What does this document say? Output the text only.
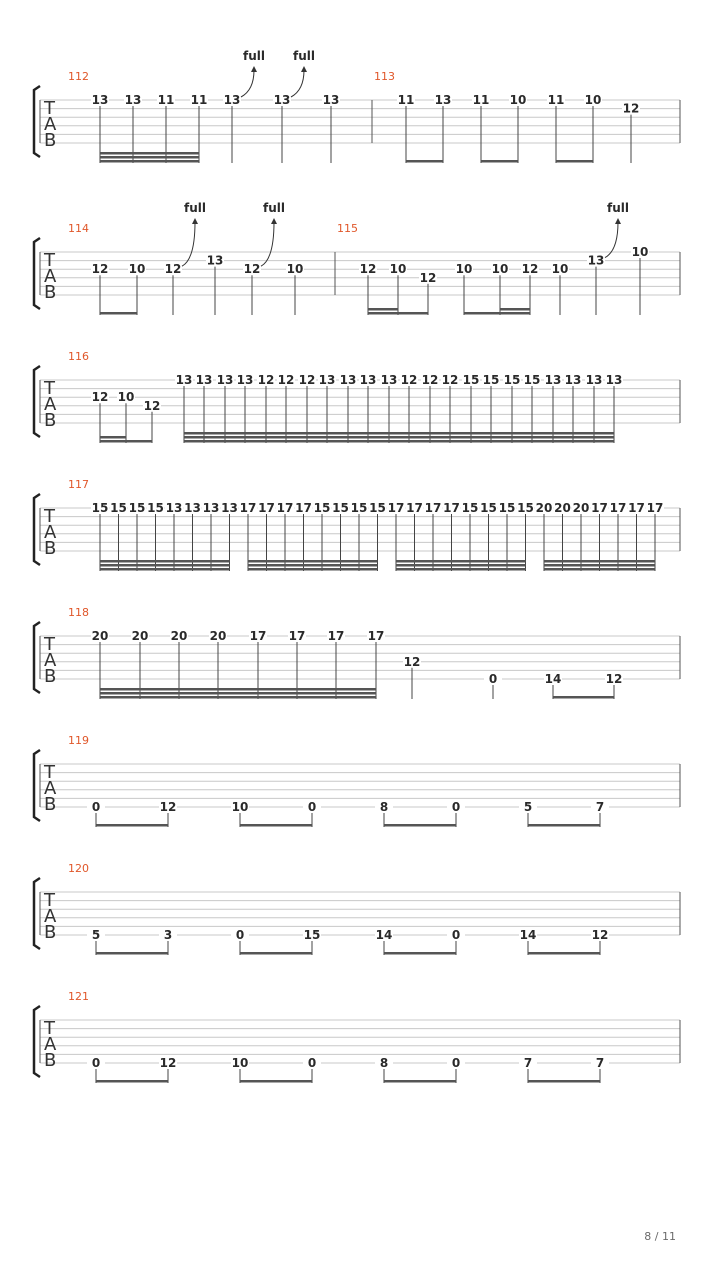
T
A
B
112
13 13 11 11 13	13	13
full full
113
11 13 11 10 11 10
12
T
A
B
114
12 10 12
13
12 10
full	full
115
12 10
12
10 10 12 10
13
10
full
T
A
B
116
12 10
12
13 13 13 13 12 12 12 13 13 13 13 12 12 12 15 15 15 15 13 13 13 13
T
A
B
117
15 15 15 15 13 13 13 13 17 17 17 17 15 15 15 15 17 17 17 17 15 15 15 15 20 20 20 17 17 17 17
T
A
B
118
20 20 20 20 17 17 17 17
12
0	14	12
T
A
B
119
0	12	10	0	8	0	5	7
T
A
B
120
5	3	0	15	14	0	14	12
T
A
B
121
0	12	10	0	8	0	7	7
8 / 11
